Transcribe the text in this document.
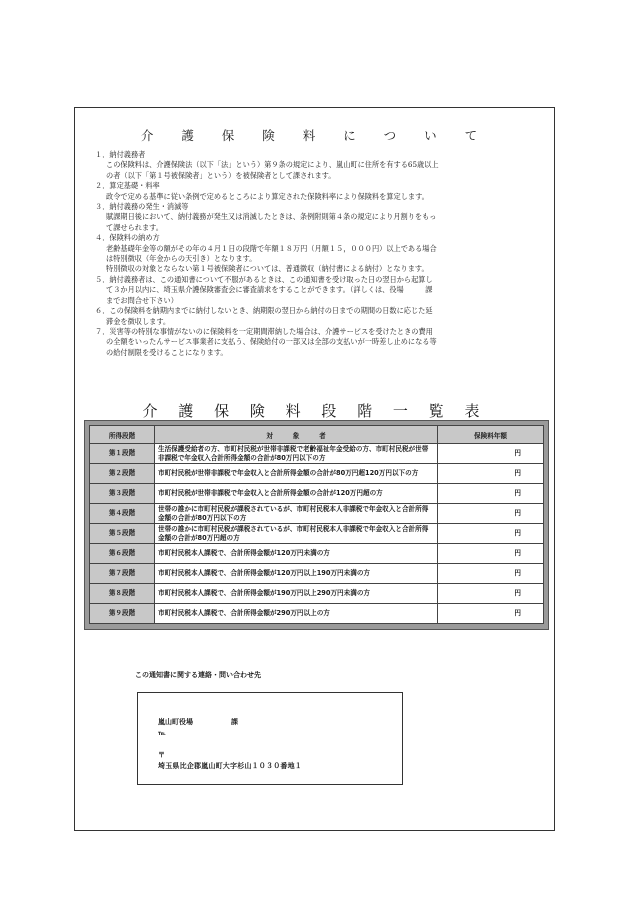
介 護 保 険 料 に つ い て
１．納付義務者
この保険料は、介護保険法（以下「法」という）第９条の規定により、嵐山町に住所を有する65歳以上
の者（以下「第１号被保険者」という）を被保険者として課されます。
２．算定基礎・料率
政令で定める基準に従い条例で定めるところにより算定された保険料率により保険料を算定します。
３．納付義務の発生・消滅等
賦課期日後において、納付義務が発生又は消滅したときは、条例附則第４条の規定により月割りをもっ
て課せられます。
４．保険料の納め方
老齢基礎年金等の額がその年の４月１日の段階で年額１８万円（月額１５，０００円）以上である場合
は特別徴収（年金からの天引き）となります。
特別徴収の対象とならない第１号被保険者については、普通徴収（納付書による納付）となります。
５．納付義務者は、この通知書について不服があるときは、この通知書を受け取った日の翌日から起算し
て３か月以内に、埼玉県介護保険審査会に審査請求をすることができます。（詳しくは、役場　　　課
までお問合せ下さい）
６．この保険料を納期内までに納付しないとき、納期限の翌日から納付の日までの期間の日数に応じた延
滞金を徴収します。
７．災害等の特別な事情がないのに保険料を一定期間滞納した場合は、介護サービスを受けたときの費用
の全額をいったんサービス事業者に支払う、保険給付の一部又は全部の支払いが一時差し止めになる等
の給付制限を受けることになります。
介 護 保 険 料 段 階 一 覧 表
所得段階	対　　　象　　　者	保険料年額
第１段階	生活保護受給者の方、市町村民税が世帯非課税で老齢福祉年金受給の方、市町村民税が世帯非課税で年金収入合計所得金額の合計が80万円以下の方	円
第２段階	市町村民税が世帯非課税で年金収入と合計所得金額の合計が80万円超120万円以下の方	円
第３段階	市町村民税が世帯非課税で年金収入と合計所得金額の合計が120万円超の方	円
第４段階	世帯の誰かに市町村民税が課税されているが、市町村民税本人非課税で年金収入と合計所得金額の合計が80万円以下の方	円
第５段階	世帯の誰かに市町村民税が課税されているが、市町村民税本人非課税で年金収入と合計所得金額の合計が80万円超の方	円
第６段階	市町村民税本人課税で、合計所得金額が120万円未満の方	円
第７段階	市町村民税本人課税で、合計所得金額が120万円以上190万円未満の方	円
第８段階	市町村民税本人課税で、合計所得金額が190万円以上290万円未満の方	円
第９段階	市町村民税本人課税で、合計所得金額が290万円以上の方	円
この通知書に関する連絡・問い合わせ先
嵐山町役場	課
℡
〒
埼玉県比企郡嵐山町大字杉山１０３０番地１
